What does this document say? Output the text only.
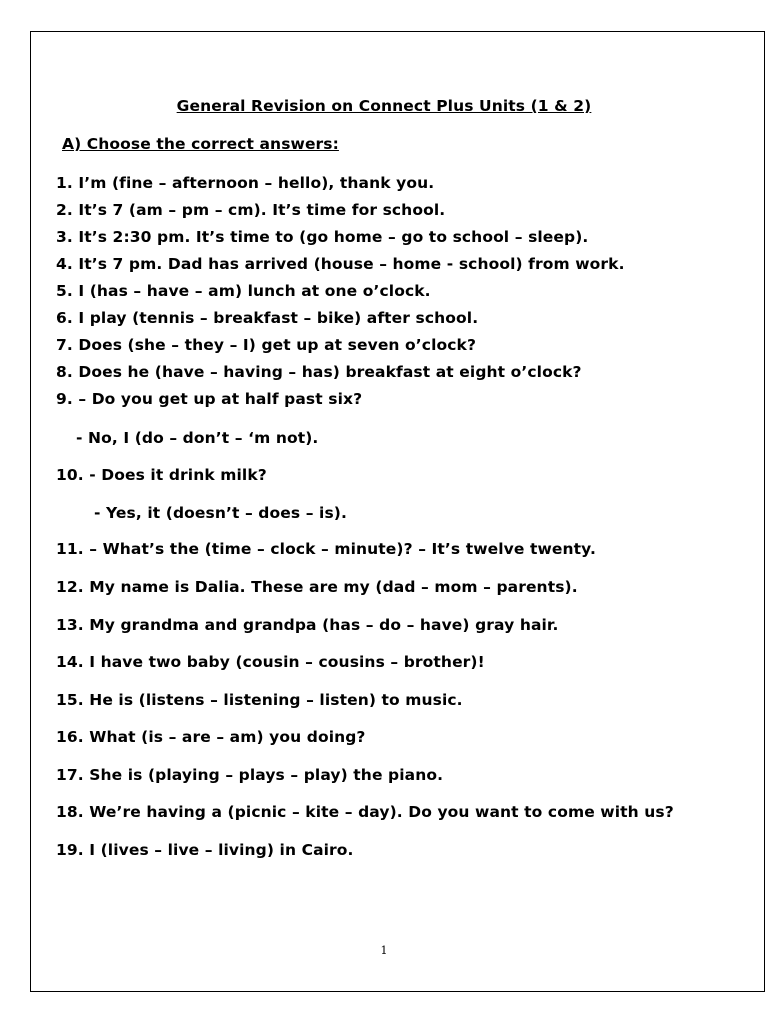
General Revision on Connect Plus Units (1 & 2)
A) Choose the correct answers:
1. I’m (fine – afternoon – hello), thank you.
2. It’s 7 (am – pm – cm). It’s time for school.
3. It’s 2:30 pm. It’s time to (go home – go to school – sleep).
4. It’s 7 pm. Dad has arrived (house – home - school) from work.
5. I (has – have – am) lunch at one o’clock.
6. I play (tennis – breakfast – bike) after school.
7. Does (she – they – I) get up at seven o’clock?
8. Does he (have – having – has) breakfast at eight o’clock?
9. – Do you get up at half past six?
- No, I (do – don’t – ‘m not).
10. - Does it drink milk?
- Yes, it (doesn’t – does – is).
11. – What’s the (time – clock – minute)? – It’s twelve twenty.
12. My name is Dalia. These are my (dad – mom – parents).
13. My grandma and grandpa (has – do – have) gray hair.
14. I have two baby (cousin – cousins – brother)!
15. He is (listens – listening – listen) to music.
16. What (is – are – am) you doing?
17. She is (playing – plays – play) the piano.
18. We’re having a (picnic – kite – day). Do you want to come with us?
19. I (lives – live – living) in Cairo.
1
